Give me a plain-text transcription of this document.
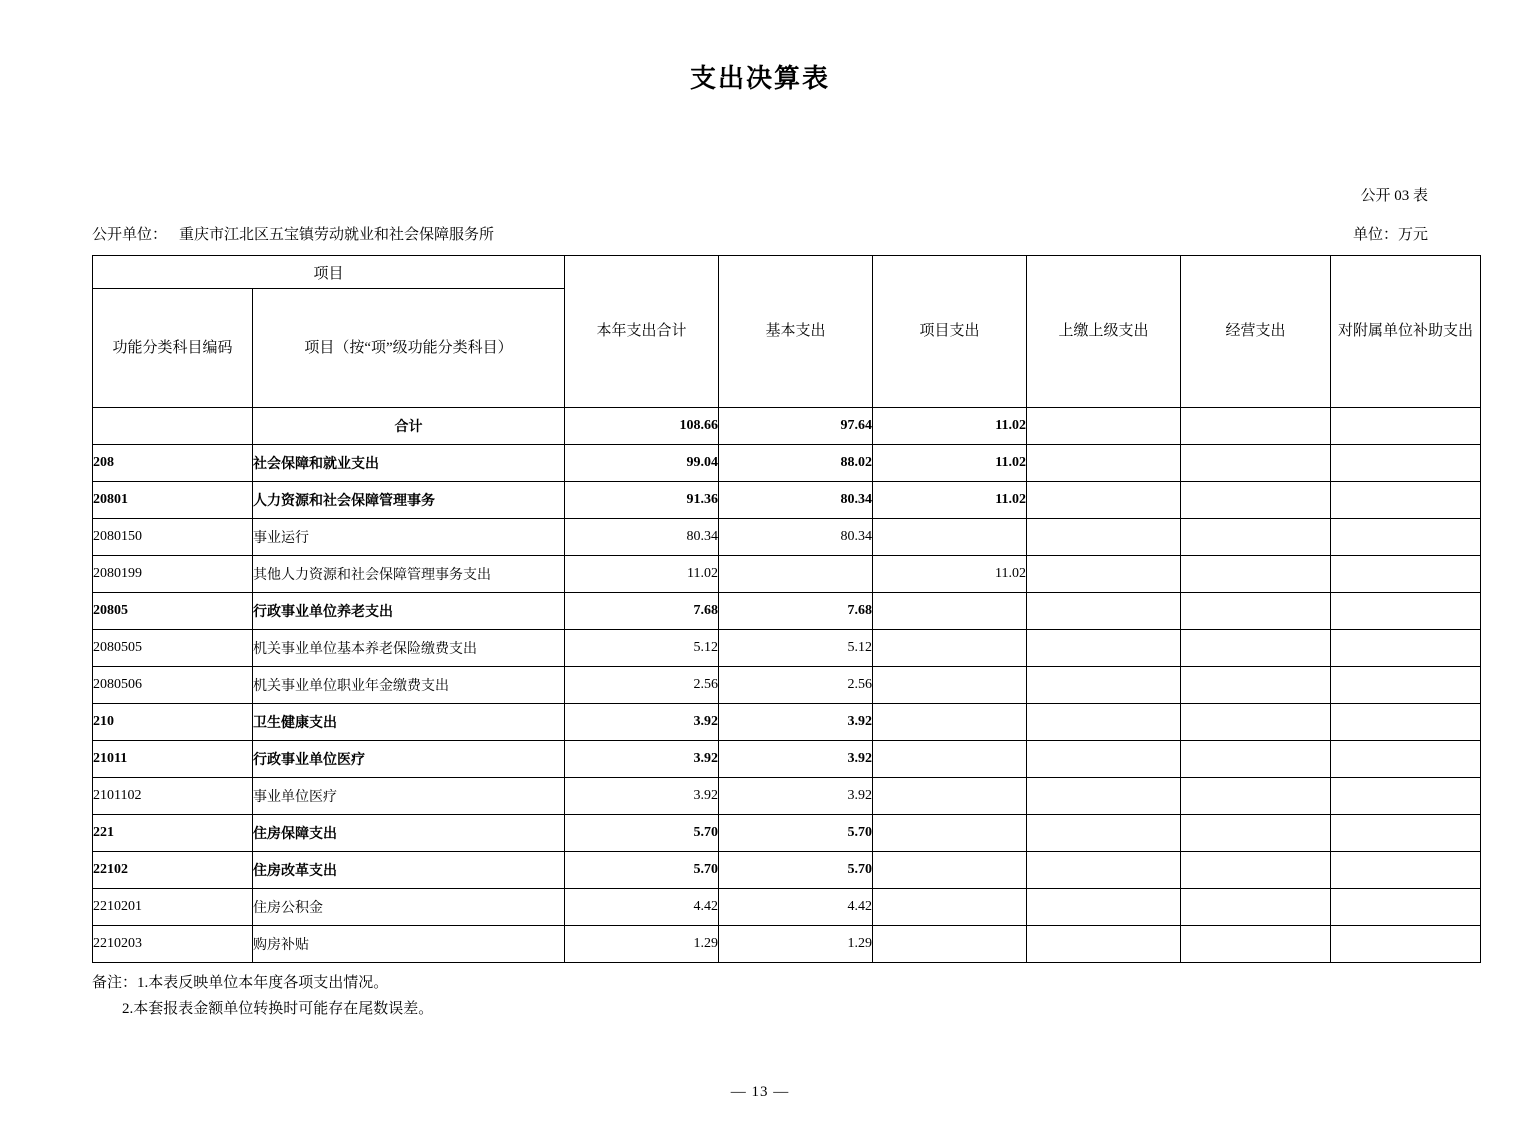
支出决算表
公开 03 表
公开单位： 重庆市江北区五宝镇劳动就业和社会保障服务所	单位：万元
项目		本年支出合计	基本支出	项目支出	上缴上级支出	经营支出	对附属单位补助支出
功能分类科目编码	项目（按“项”级功能分类科目）						
	合计	108.66	97.64	11.02			
208	社会保障和就业支出	99.04	88.02	11.02			
20801	人力资源和社会保障管理事务	91.36	80.34	11.02			
2080150	事业运行	80.34	80.34				
2080199	其他人力资源和社会保障管理事务支出	11.02		11.02			
20805	行政事业单位养老支出	7.68	7.68				
2080505	机关事业单位基本养老保险缴费支出	5.12	5.12				
2080506	机关事业单位职业年金缴费支出	2.56	2.56				
210	卫生健康支出	3.92	3.92				
21011	行政事业单位医疗	3.92	3.92				
2101102	事业单位医疗	3.92	3.92				
221	住房保障支出	5.70	5.70				
22102	住房改革支出	5.70	5.70				
2210201	住房公积金	4.42	4.42				
2210203	购房补贴	1.29	1.29				
备注：1.本表反映单位本年度各项支出情况。
2.本套报表金额单位转换时可能存在尾数误差。
— 13 —
